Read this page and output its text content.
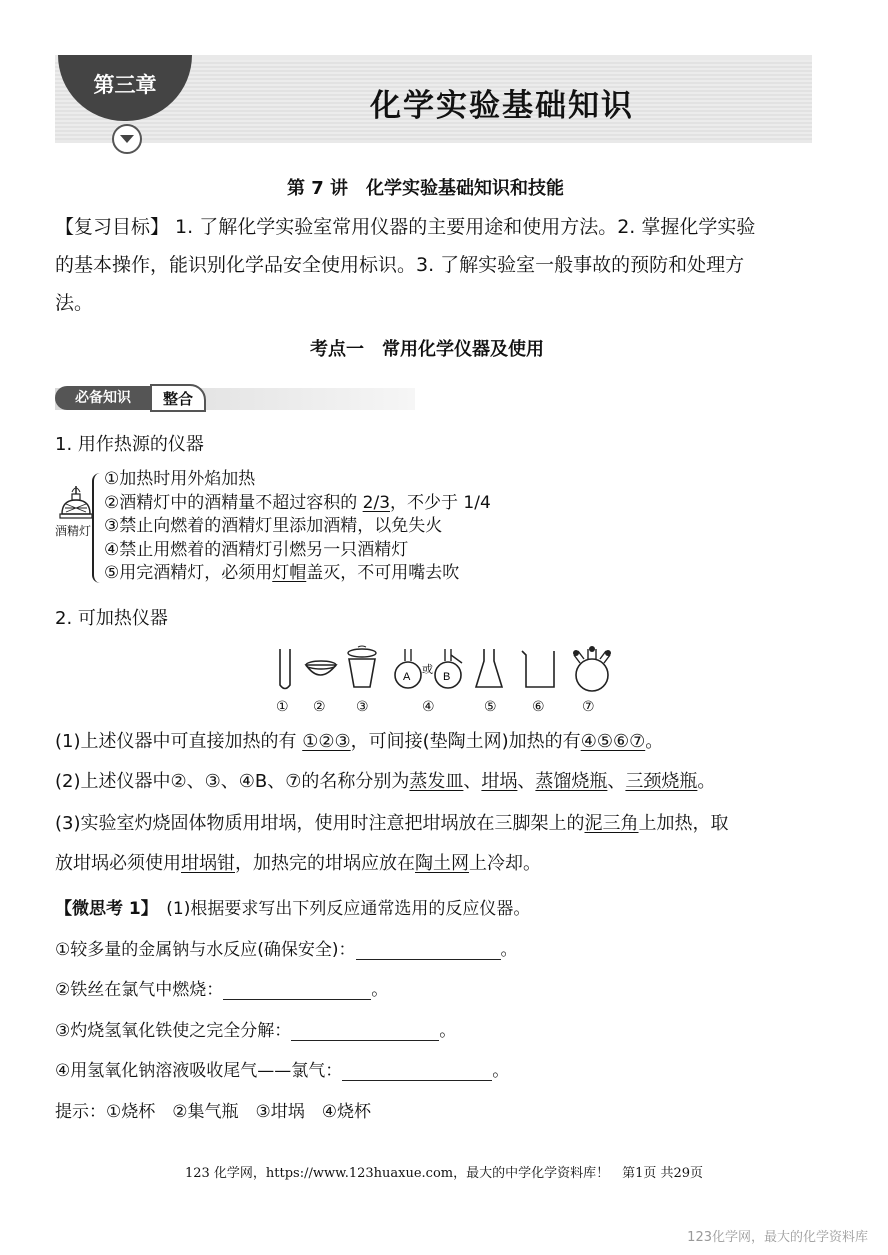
第三章
化学实验基础知识
第 7 讲　化学实验基础知识和技能
【复习目标】 1. 了解化学实验室常用仪器的主要用途和使用方法。2. 掌握化学实验
的基本操作，能识别化学品安全使用标识。3. 了解实验室一般事故的预防和处理方
法。
考点一　常用化学仪器及使用
必备知识	整合
1. 用作热源的仪器
酒精灯
①加热时用外焰加热
②酒精灯中的酒精量不超过容积的 2/3，不少于 1/4
③禁止向燃着的酒精灯里添加酒精，以免失火
④禁止用燃着的酒精灯引燃另一只酒精灯
⑤用完酒精灯，必须用灯帽盖灭，不可用嘴去吹
2. 可加热仪器
A
或
B
① ② ③	④	⑤	⑥	⑦
(1)上述仪器中可直接加热的有 ①②③，可间接(垫陶土网)加热的有④⑤⑥⑦。
(2)上述仪器中②、③、④B、⑦的名称分别为蒸发皿、坩埚、蒸馏烧瓶、三颈烧瓶。
(3)实验室灼烧固体物质用坩埚，使用时注意把坩埚放在三脚架上的泥三角上加热，取
放坩埚必须使用坩埚钳，加热完的坩埚应放在陶土网上冷却。
【微思考 1】　(1)根据要求写出下列反应通常选用的反应仪器。
①较多量的金属钠与水反应(确保安全)：	。
②铁丝在氯气中燃烧：	。
③灼烧氢氧化铁使之完全分解：	。
④用氢氧化钠溶液吸收尾气——氯气：	。
提示：①烧杯　②集气瓶　③坩埚　④烧杯
123 化学网，https://www.123huaxue.com，最大的中学化学资料库！　第1页 共29页
123化学网，最大的化学资料库
